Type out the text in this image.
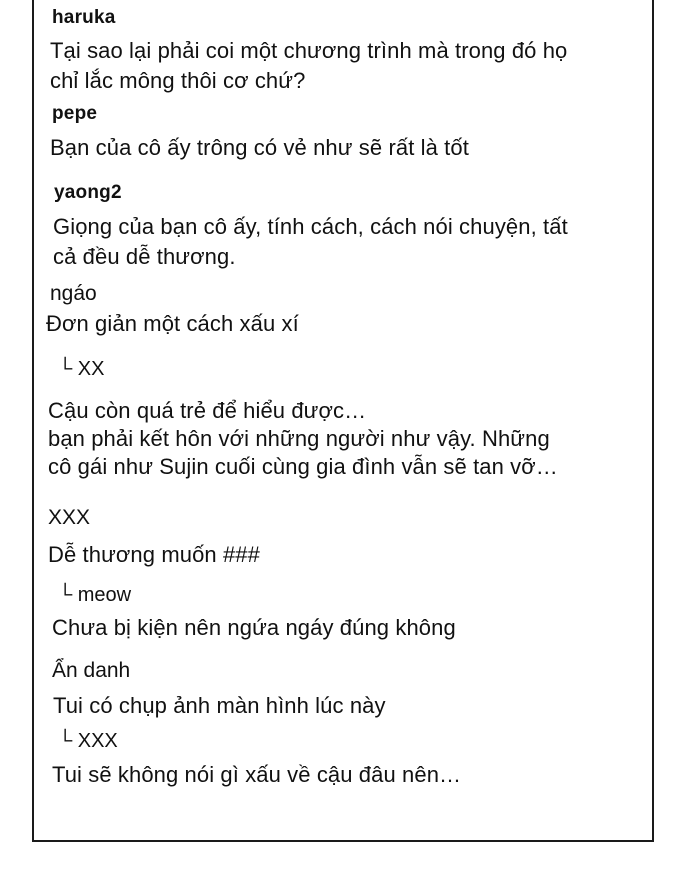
haruka
Tại sao lại phải coi một chương trình mà trong đó họ
chỉ lắc mông thôi cơ chứ?
pepe
Bạn của cô ấy trông có vẻ như sẽ rất là tốt
yaong2
Giọng của bạn cô ấy, tính cách, cách nói chuyện, tất
cả đều dễ thương.
ngáo
Đơn giản một cách xấu xí
└ XX
Cậu còn quá trẻ để hiểu được…
bạn phải kết hôn với những người như vậy. Những
cô gái như Sujin cuối cùng gia đình vẫn sẽ tan vỡ…
XXX
Dễ thương muốn ###
└ meow
Chưa bị kiện nên ngứa ngáy đúng không
Ẩn danh
Tui có chụp ảnh màn hình lúc này
└ XXX
Tui sẽ không nói gì xấu về cậu đâu nên…
